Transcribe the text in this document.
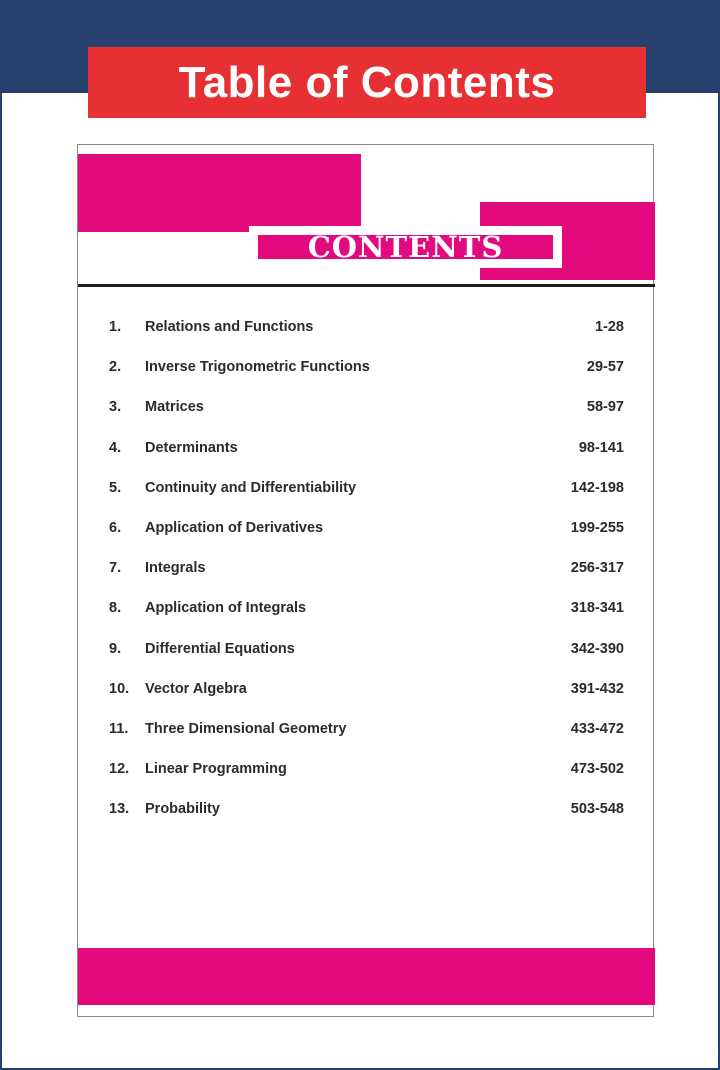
Table of Contents
CONTENTS
1. Relations and Functions	1-28
2. Inverse Trigonometric Functions	29-57
3. Matrices	58-97
4. Determinants	98-141
5. Continuity and Differentiability	142-198
6. Application of Derivatives	199-255
7. Integrals	256-317
8. Application of Integrals	318-341
9. Differential Equations	342-390
10. Vector Algebra	391-432
11. Three Dimensional Geometry	433-472
12. Linear Programming	473-502
13. Probability	503-548
